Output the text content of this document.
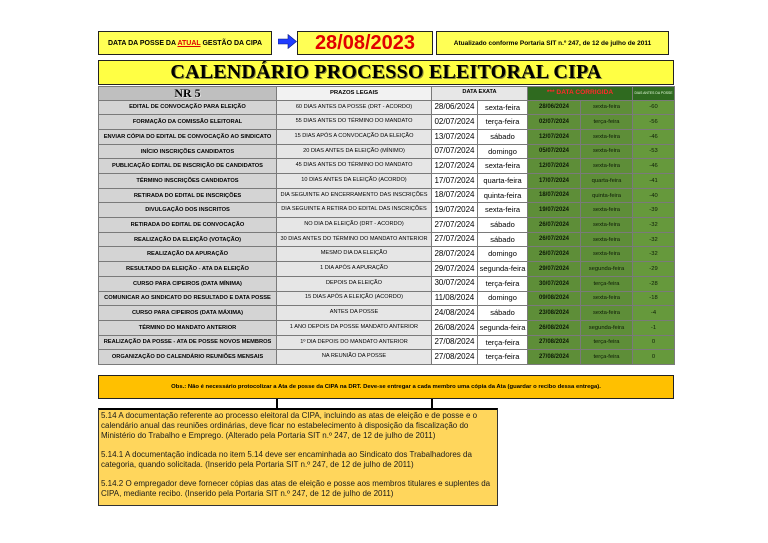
DATA DA POSSE DA ATUAL GESTÃO DA CIPA	28/08/2023	Atualizado conforme Portaria SIT n.º 247, de 12 de julho de 2011
CALENDÁRIO PROCESSO ELEITORAL CIPA
NR 5	PRAZOS LEGAIS	DATA EXATA		*** DATA CORRIGIDA		DIAS ANTES DA POSSE
EDITAL DE CONVOCAÇÃO PARA ELEIÇÃO	60 DIAS ANTES DA POSSE (DRT - ACORDO)	28/06/2024	sexta-feira	28/06/2024	sexta-feira	-60
FORMAÇÃO DA COMISSÃO ELEITORAL	55 DIAS ANTES DO TÉRMINO DO MANDATO	02/07/2024	terça-feira	02/07/2024	terça-feira	-56
ENVIAR CÓPIA DO EDITAL DE CONVOCAÇÃO AO SINDICATO	15 DIAS APÓS A CONVOCAÇÃO DA ELEIÇÃO	13/07/2024	sábado	12/07/2024	sexta-feira	-46
INÍCIO INSCRIÇÕES CANDIDATOS	20 DIAS ANTES DA ELEIÇÃO (MÍNIMO)	07/07/2024	domingo	05/07/2024	sexta-feira	-53
PUBLICAÇÃO EDITAL DE INSCRIÇÃO DE CANDIDATOS	45 DIAS ANTES DO TÉRMINO DO MANDATO	12/07/2024	sexta-feira	12/07/2024	sexta-feira	-46
TÉRMINO INSCRIÇÕES CANDIDATOS	10 DIAS ANTES DA ELEIÇÃO (ACORDO)	17/07/2024	quarta-feira	17/07/2024	quarta-feira	-41
RETIRADA DO EDITAL DE INSCRIÇÕES	DIA SEGUINTE AO ENCERRAMENTO DAS INSCRIÇÕES	18/07/2024	quinta-feira	18/07/2024	quinta-feira	-40
DIVULGAÇÃO DOS INSCRITOS	DIA SEGUINTE A RETIRA DO EDITAL DAS INSCRIÇÕES	19/07/2024	sexta-feira	19/07/2024	sexta-feira	-39
RETIRADA DO EDITAL DE CONVOCAÇÃO	NO DIA DA ELEIÇÃO (DRT - ACORDO)	27/07/2024	sábado	26/07/2024	sexta-feira	-32
REALIZAÇÃO DA ELEIÇÃO (VOTAÇÃO)	30 DIAS ANTES DO TÉRMINO DO MANDATO ANTERIOR	27/07/2024	sábado	26/07/2024	sexta-feira	-32
REALIZAÇÃO DA APURAÇÃO	MESMO DIA DA ELEIÇÃO	28/07/2024	domingo	26/07/2024	sexta-feira	-32
RESULTADO DA ELEIÇÃO - ATA DA ELEIÇÃO	1 DIA APÓS A APURAÇÃO	29/07/2024	segunda-feira	29/07/2024	segunda-feira	-29
CURSO PARA CIPEIROS (DATA MÍNIMA)	DEPOIS DA ELEIÇÃO	30/07/2024	terça-feira	30/07/2024	terça-feira	-28
COMUNICAR AO SINDICATO DO RESULTADO E DATA POSSE	15 DIAS APÓS A ELEIÇÃO (ACORDO)	11/08/2024	domingo	09/08/2024	sexta-feira	-18
CURSO PARA CIPEIROS (DATA MÁXIMA)	ANTES DA POSSE	24/08/2024	sábado	23/08/2024	sexta-feira	-4
TÉRMINO DO MANDATO ANTERIOR	1 ANO DEPOIS DA POSSE MANDATO ANTERIOR	26/08/2024	segunda-feira	26/08/2024	segunda-feira	-1
REALIZAÇÃO DA POSSE - ATA DE POSSE NOVOS MEMBROS	1º DIA DEPOIS DO MANDATO ANTERIOR	27/08/2024	terça-feira	27/08/2024	terça-feira	0
ORGANIZAÇÃO DO CALENDÁRIO REUNIÕES MENSAIS	NA REUNIÃO DA POSSE	27/08/2024	terça-feira	27/08/2024	terça-feira	0
Obs.: Não é necessário protocolizar a Ata de posse da CIPA na DRT. Deve-se entregar a cada membro uma cópia da Ata (guardar o recibo dessa entrega).

5.14 A documentação referente ao processo eleitoral da CIPA, incluindo as atas de eleição e de posse e o calendário anual das reuniões ordinárias, deve ficar no estabelecimento à disposição da fiscalização do Ministério do Trabalho e Emprego. (Alterado pela Portaria SIT n.º 247, de 12 de julho de 2011)

5.14.1 A documentação indicada no item 5.14 deve ser encaminhada ao Sindicato dos Trabalhadores da categoria, quando solicitada. (Inserido pela Portaria SIT n.º 247, de 12 de julho de 2011)

5.14.2 O empregador deve fornecer cópias das atas de eleição e posse aos membros titulares e suplentes da CIPA, mediante recibo. (Inserido pela Portaria SIT n.º 247, de 12 de julho de 2011)
